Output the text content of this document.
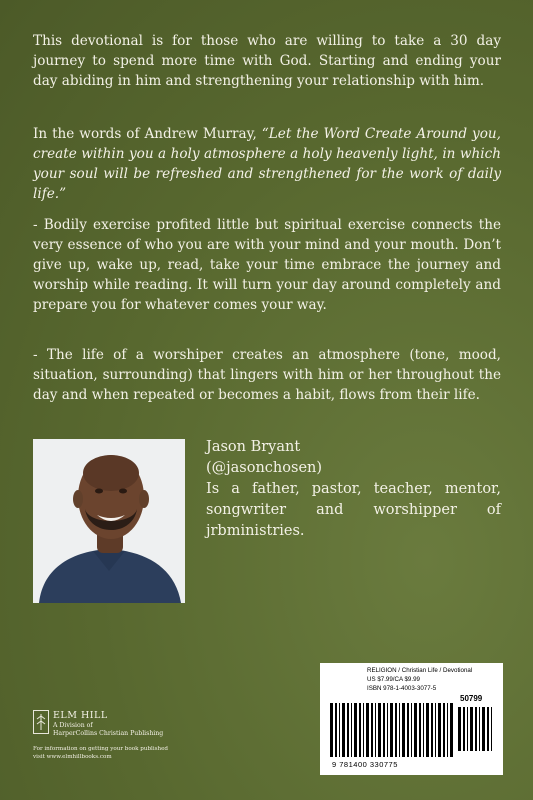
This devotional is for those who are willing to take a 30 day journey to spend more time with God. Starting and ending your day abiding in him and strengthening your relationship with him.

In the words of Andrew Murray, “Let the Word Create Around you, create within you a holy atmosphere a holy heavenly light, in which your soul will be refreshed and strengthened for the work of daily life.”

- Bodily exercise profited little but spiritual exercise connects the very essence of who you are with your mind and your mouth. Don’t give up, wake up, read, take your time embrace the journey and worship while reading. It will turn your day around completely and prepare you for whatever comes your way.

- The life of a worshiper creates an atmosphere (tone, mood, situation, surrounding) that lingers with him or her throughout the day and when repeated or becomes a habit, flows from their life.

Jason Bryant
(@jasonchosen)
Is a father, pastor, teacher, mentor, songwriter and worshipper of jrbministries.
ELM HILL
A Division of
HarperCollins Christian Publishing
For information on getting your book published
visit www.elmhillbooks.com
RELIGION / Christian Life / Devotional
US $7.99/CA $9.99
ISBN 978-1-4003-3077-5
50799
9 781400 330775
